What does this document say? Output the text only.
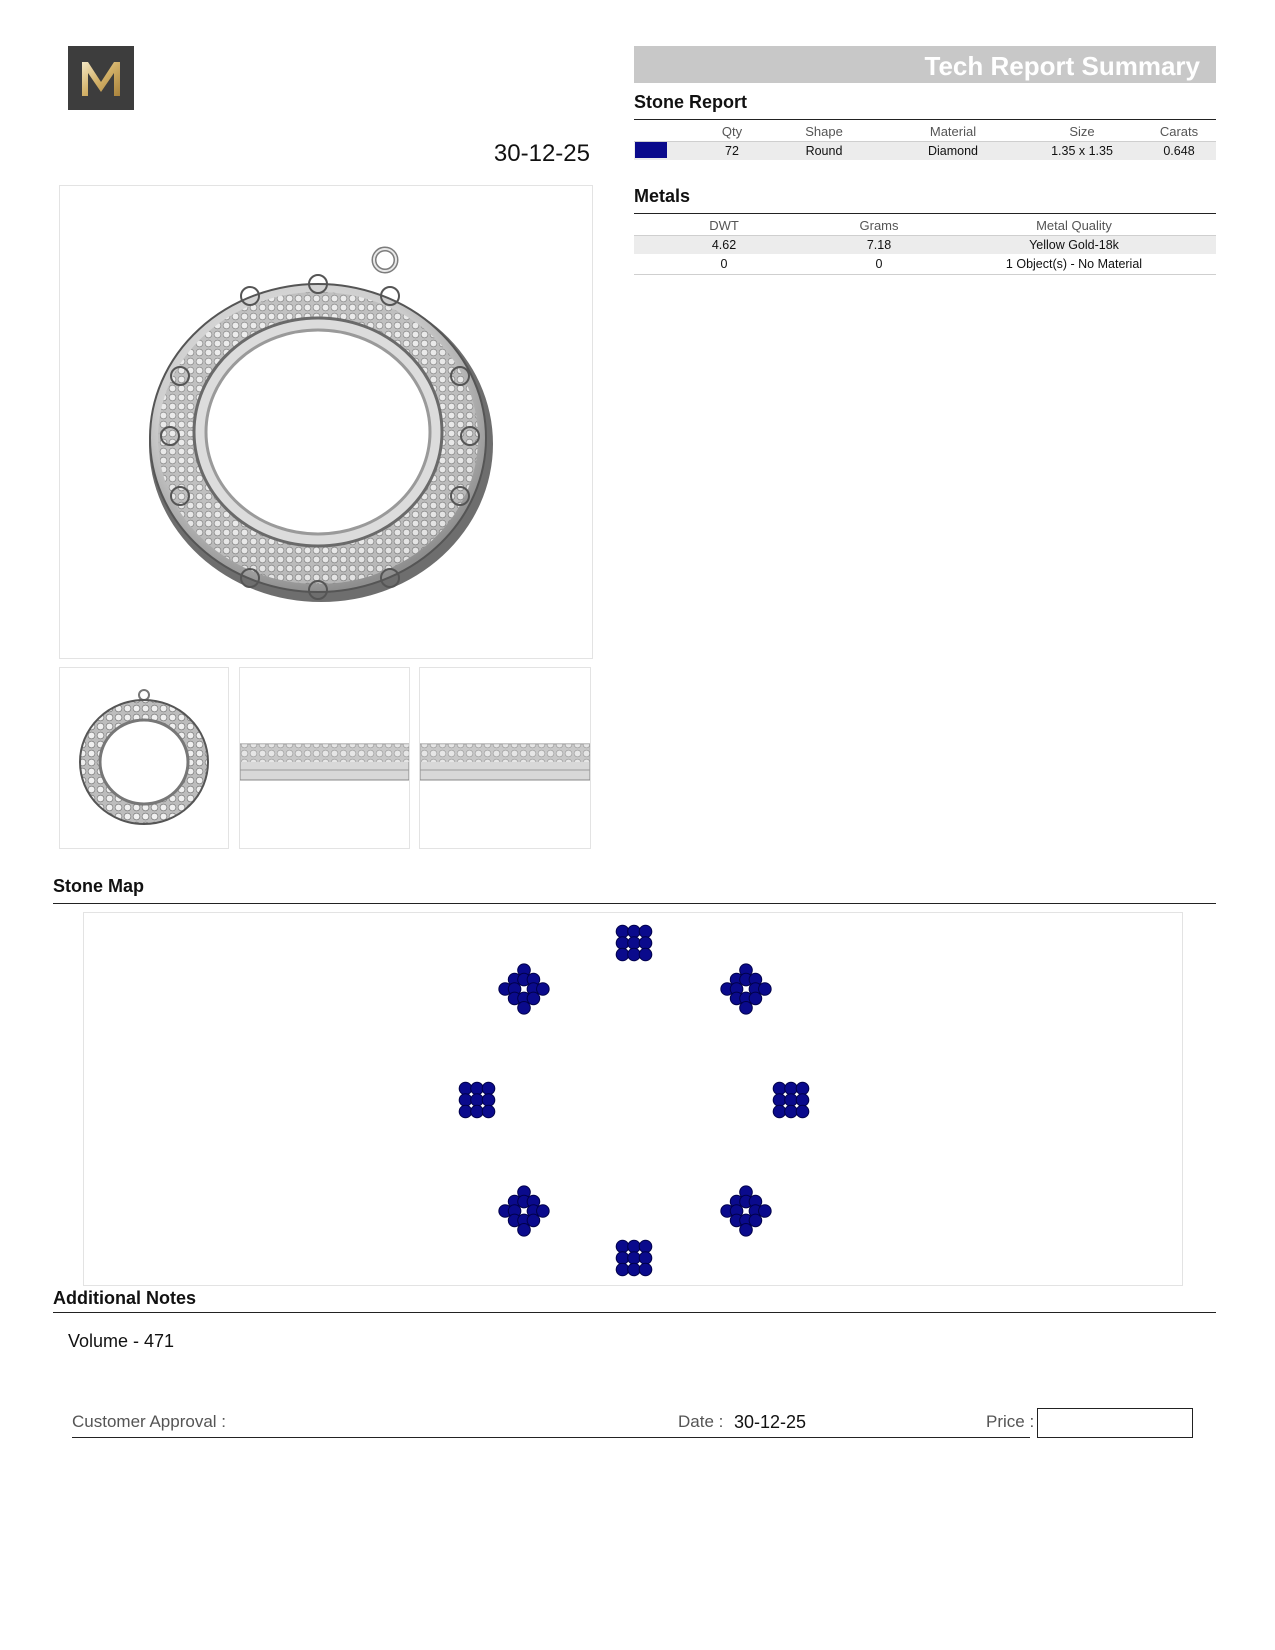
30-12-25
Tech Report Summary
Stone Report
Qty	Shape	Material	Size	Carats
72	Round	Diamond	1.35 x 1.35	0.648
Metals
DWT	Grams	Metal Quality
4.62	7.18	Yellow Gold-18k
0	0	1 Object(s) - No Material
Stone Map
Additional Notes
Volume - 471
Customer Approval :	Date : 30-12-25	Price :
